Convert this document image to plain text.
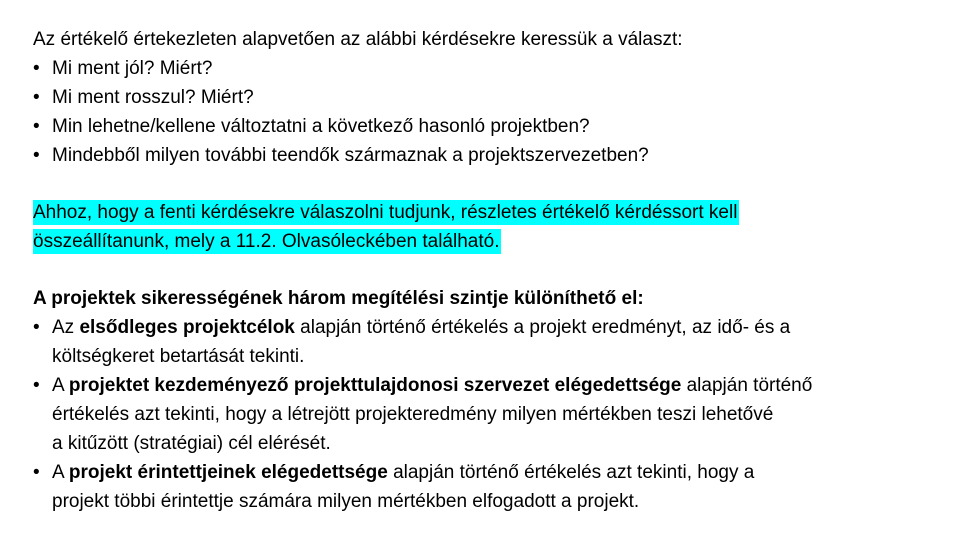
Az értékelő értekezleten alapvetően az alábbi kérdésekre keressük a választ:
• Mi ment jól? Miért?
• Mi ment rosszul? Miért?
• Min lehetne/kellene változtatni a következő hasonló projektben?
• Mindebből milyen további teendők származnak a projektszervezetben?
Ahhoz, hogy a fenti kérdésekre válaszolni tudjunk, részletes értékelő kérdéssort kell
összeállítanunk, mely a 11.2. Olvasóleckében található.
A projektek sikerességének három megítélési szintje különíthető el:
• Az elsődleges projektcélok alapján történő értékelés a projekt eredményt, az idő- és a
költségkeret betartását tekinti.
• A projektet kezdeményező projekttulajdonosi szervezet elégedettsége alapján történő
értékelés azt tekinti, hogy a létrejött projekteredmény milyen mértékben teszi lehetővé
a kitűzött (stratégiai) cél elérését.
• A projekt érintettjeinek elégedettsége alapján történő értékelés azt tekinti, hogy a
projekt többi érintettje számára milyen mértékben elfogadott a projekt.
